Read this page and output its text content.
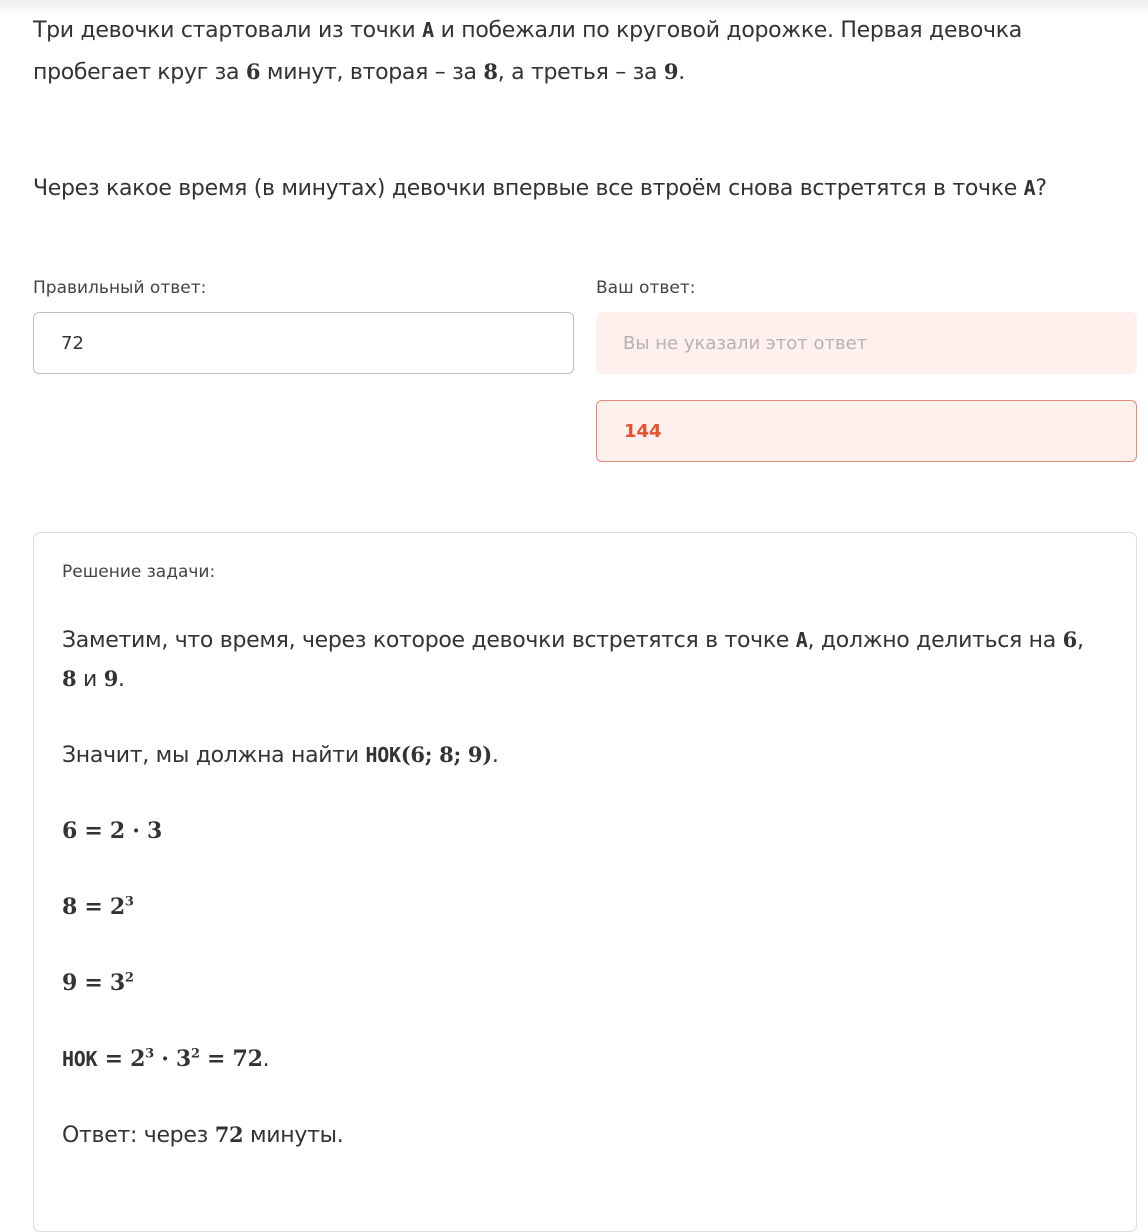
Три девочки стартовали из точки A и побежали по круговой дорожке. Первая девочка
пробегает круг за 6 минут, вторая – за 8, а третья – за 9.
Через какое время (в минутах) девочки впервые все втроём снова встретятся в точке A?
Правильный ответ:	Ваш ответ:
72	Вы не указали этот ответ
144
Решение задачи:
Заметим, что время, через которое девочки встретятся в точке A, должно делиться на 6,
8 и 9.
Значит, мы должна найти НОК(6; 8; 9).
6 = 2 · 3
$8 = 2^3$
$9 = 3^2$
НОК = $2^3 \cdot 3^2 = 72$.
Ответ: через 72 минуты.
